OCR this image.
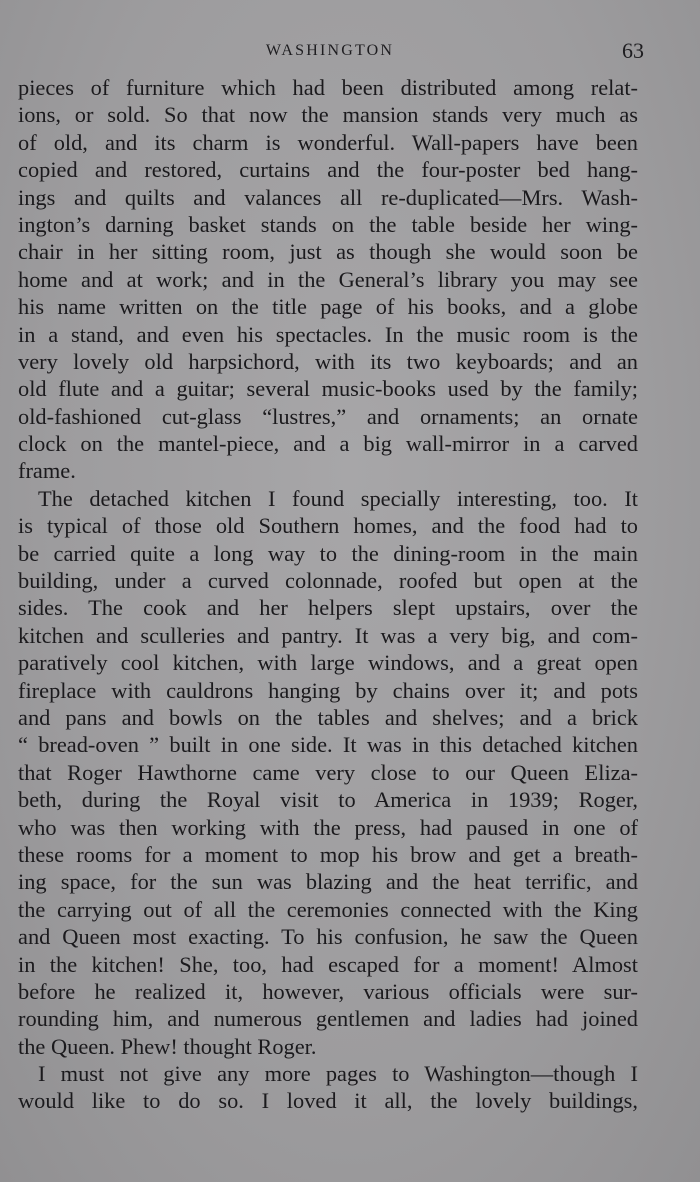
WASHINGTON	63
pieces of furniture which had been distributed among relat-
ions, or sold. So that now the mansion stands very much as
of old, and its charm is wonderful. Wall-papers have been
copied and restored, curtains and the four-poster bed hang-
ings and quilts and valances all re-duplicated—Mrs. Wash-
ington’s darning basket stands on the table beside her wing-
chair in her sitting room, just as though she would soon be
home and at work; and in the General’s library you may see
his name written on the title page of his books, and a globe
in a stand, and even his spectacles. In the music room is the
very lovely old harpsichord, with its two keyboards; and an
old flute and a guitar; several music-books used by the family;
old-fashioned cut-glass “lustres,” and ornaments; an ornate
clock on the mantel-piece, and a big wall-mirror in a carved
frame.
The detached kitchen I found specially interesting, too. It
is typical of those old Southern homes, and the food had to
be carried quite a long way to the dining-room in the main
building, under a curved colonnade, roofed but open at the
sides. The cook and her helpers slept upstairs, over the
kitchen and sculleries and pantry. It was a very big, and com-
paratively cool kitchen, with large windows, and a great open
fireplace with cauldrons hanging by chains over it; and pots
and pans and bowls on the tables and shelves; and a brick
“ bread-oven ” built in one side. It was in this detached kitchen
that Roger Hawthorne came very close to our Queen Eliza-
beth, during the Royal visit to America in 1939; Roger,
who was then working with the press, had paused in one of
these rooms for a moment to mop his brow and get a breath-
ing space, for the sun was blazing and the heat terrific, and
the carrying out of all the ceremonies connected with the King
and Queen most exacting. To his confusion, he saw the Queen
in the kitchen! She, too, had escaped for a moment! Almost
before he realized it, however, various officials were sur-
rounding him, and numerous gentlemen and ladies had joined
the Queen. Phew! thought Roger.
I must not give any more pages to Washington—though I
would like to do so. I loved it all, the lovely buildings,
